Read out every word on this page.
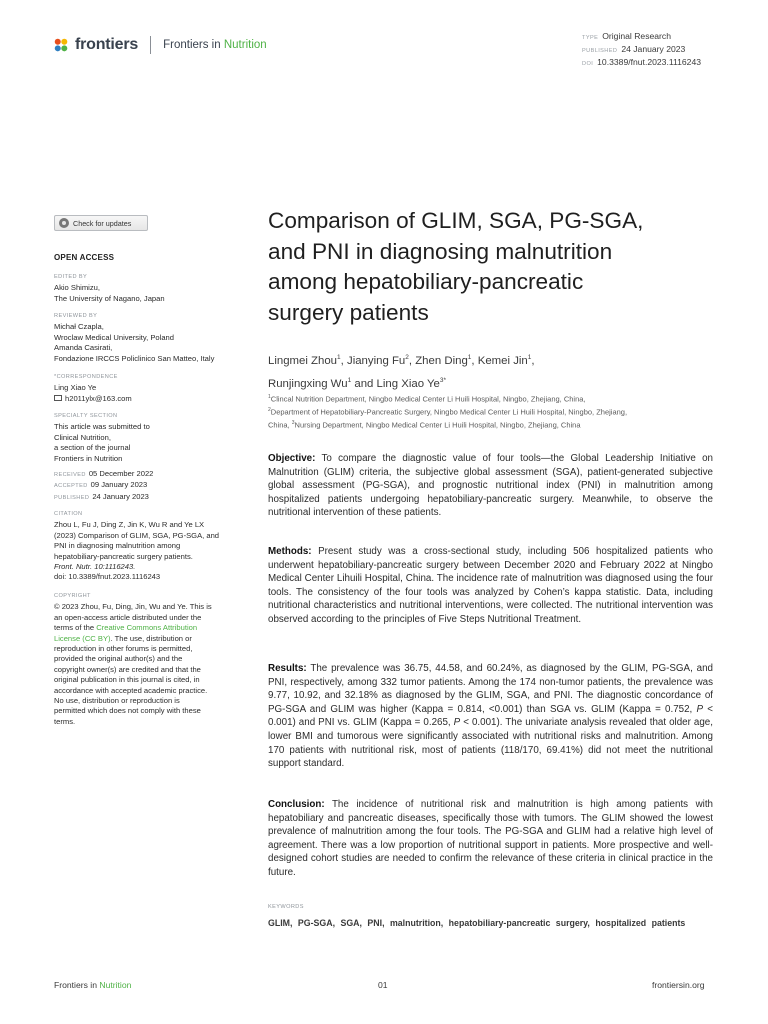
frontiers Frontiers in Nutrition
TYPE Original Research
PUBLISHED 24 January 2023
DOI 10.3389/fnut.2023.1116243
Check for updates
OPEN ACCESS
EDITED BY
Akio Shimizu,
The University of Nagano, Japan
REVIEWED BY
Michał Czapla,
Wroclaw Medical University, Poland
Amanda Casirati,
Fondazione IRCCS Policlinico San Matteo, Italy
*CORRESPONDENCE
Ling Xiao Ye
h2011ylx@163.com
SPECIALTY SECTION
This article was submitted to
Clinical Nutrition,
a section of the journal
Frontiers in Nutrition
RECEIVED 05 December 2022
ACCEPTED 09 January 2023
PUBLISHED 24 January 2023
CITATION
Zhou L, Fu J, Ding Z, Jin K, Wu R and Ye LX
(2023) Comparison of GLIM, SGA, PG-SGA, and
PNI in diagnosing malnutrition among
hepatobiliary-pancreatic surgery patients.
Front. Nutr. 10:1116243.
doi: 10.3389/fnut.2023.1116243
COPYRIGHT
© 2023 Zhou, Fu, Ding, Jin, Wu and Ye. This is
an open-access article distributed under the
terms of the Creative Commons Attribution
License (CC BY). The use, distribution or
reproduction in other forums is permitted,
provided the original author(s) and the
copyright owner(s) are credited and that the
original publication in this journal is cited, in
accordance with accepted academic practice.
No use, distribution or reproduction is
permitted which does not comply with these
terms.
Comparison of GLIM, SGA, PG-SGA,
and PNI in diagnosing malnutrition
among hepatobiliary-pancreatic
surgery patients
Lingmei Zhou$^1$, Jianying Fu$^2$, Zhen Ding$^1$, Kemei Jin$^1$,
Runjingxing Wu$^1$ and Ling Xiao $Ye^{3*}$
$^1$Clincal Nutrition Department, Ningbo Medical Center Li Huili Hospital, Ningbo, Zhejiang, China,
$^2$Department of Hepatobiliary-Pancreatic Surgery, Ningbo Medical Center Li Huili Hospital, Ningbo, Zhejiang,
China, $^3$Nursing Department, Ningbo Medical Center Li Huili Hospital, Ningbo, Zhejiang, China
Objective: To compare the diagnostic value of four tools—the Global Leadership Initiative on Malnutrition (GLIM) criteria, the subjective global assessment (SGA), patient-generated subjective global assessment (PG-SGA), and prognostic nutritional index (PNI) in malnutrition among hospitalized patients undergoing hepatobiliary-pancreatic surgery. Meanwhile, to observe the nutritional intervention of these patients.
Methods: Present study was a cross-sectional study, including 506 hospitalized patients who underwent hepatobiliary-pancreatic surgery between December 2020 and February 2022 at Ningbo Medical Center Lihuili Hospital, China. The incidence rate of malnutrition was diagnosed using the four tools. The consistency of the four tools was analyzed by Cohen’s kappa statistic. Data, including nutritional characteristics and nutritional interventions, were collected. The nutritional intervention was observed according to the principles of Five Steps Nutritional Treatment.
Results: The prevalence was 36.75, 44.58, and 60.24%, as diagnosed by the GLIM, PG-SGA, and PNI, respectively, among 332 tumor patients. Among the 174 non-tumor patients, the prevalence was 9.77, 10.92, and 32.18% as diagnosed by the GLIM, SGA, and PNI. The diagnostic concordance of PG-SGA and GLIM was higher (Kappa = 0.814, <0.001) than SGA vs. GLIM (Kappa = 0.752, P < 0.001) and PNI vs. GLIM (Kappa = 0.265, P < 0.001). The univariate analysis revealed that older age, lower BMI and tumorous were significantly associated with nutritional risks and malnutrition. Among 170 patients with nutritional risk, most of patients (118/170, 69.41%) did not meet the nutritional support standard.
Conclusion: The incidence of nutritional risk and malnutrition is high among patients with hepatobiliary and pancreatic diseases, specifically those with tumors. The GLIM showed the lowest prevalence of malnutrition among the four tools. The PG-SGA and GLIM had a relative high level of agreement. There was a low proportion of nutritional support in patients. More prospective and well-designed cohort studies are needed to confirm the relevance of these criteria in clinical practice in the future.
KEYWORDS
GLIM, PG-SGA, SGA, PNI, malnutrition, hepatobiliary-pancreatic surgery, hospitalized patients
Frontiers in Nutrition	01	frontiersin.org
